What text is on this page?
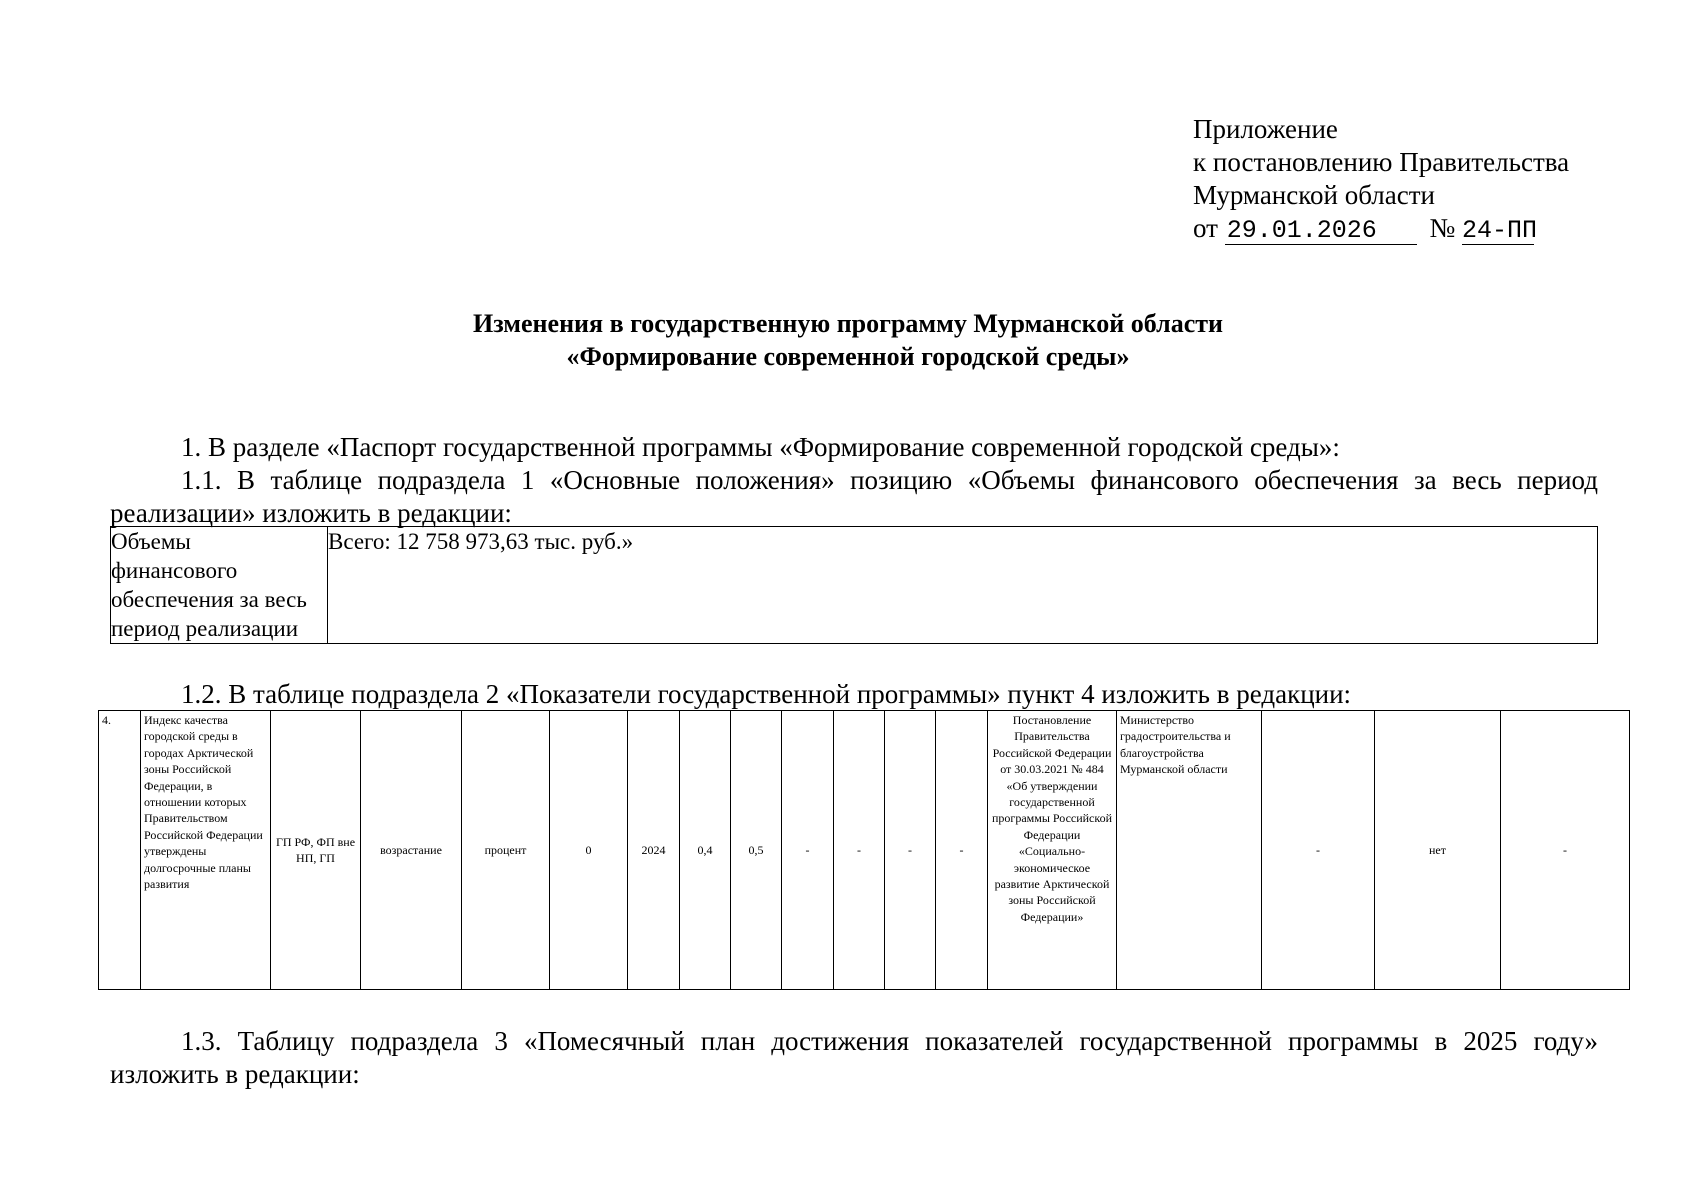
Приложение
к постановлению Правительства
Мурманской области
от 29.01.2026 № 24-ПП
Изменения в государственную программу Мурманской области
«Формирование современной городской среды»
1. В разделе «Паспорт государственной программы «Формирование современной городской среды»:
1.1. В таблице подраздела 1 «Основные положения» позицию «Объемы финансового обеспечения за весь период
реализации» изложить в редакции:
Объемы
финансового
обеспечения за весь
период реализации
	Всего: 12 758 973,63 тыс. руб.»
1.2. В таблице подраздела 2 «Показатели государственной программы» пункт 4 изложить в редакции:
4.	Индекс качества городской среды в городах Арктической зоны Российской Федерации, в отношении которых Правительством Российской Федерации утверждены долгосрочные планы развития	ГП РФ, ФП вне НП, ГП	возрастание	процент	0	2024	0,4	0,5	-	-	-	-	Постановление Правительства Российской Федерации от 30.03.2021 № 484 «Об утверждении государственной программы Российской Федерации «Социально-экономическое развитие Арктической зоны Российской Федерации»	Министерство градостроительства и благоустройства Мурманской области	-	нет	-
1.3. Таблицу подраздела 3 «Помесячный план достижения показателей государственной программы в 2025 году»
изложить в редакции:
